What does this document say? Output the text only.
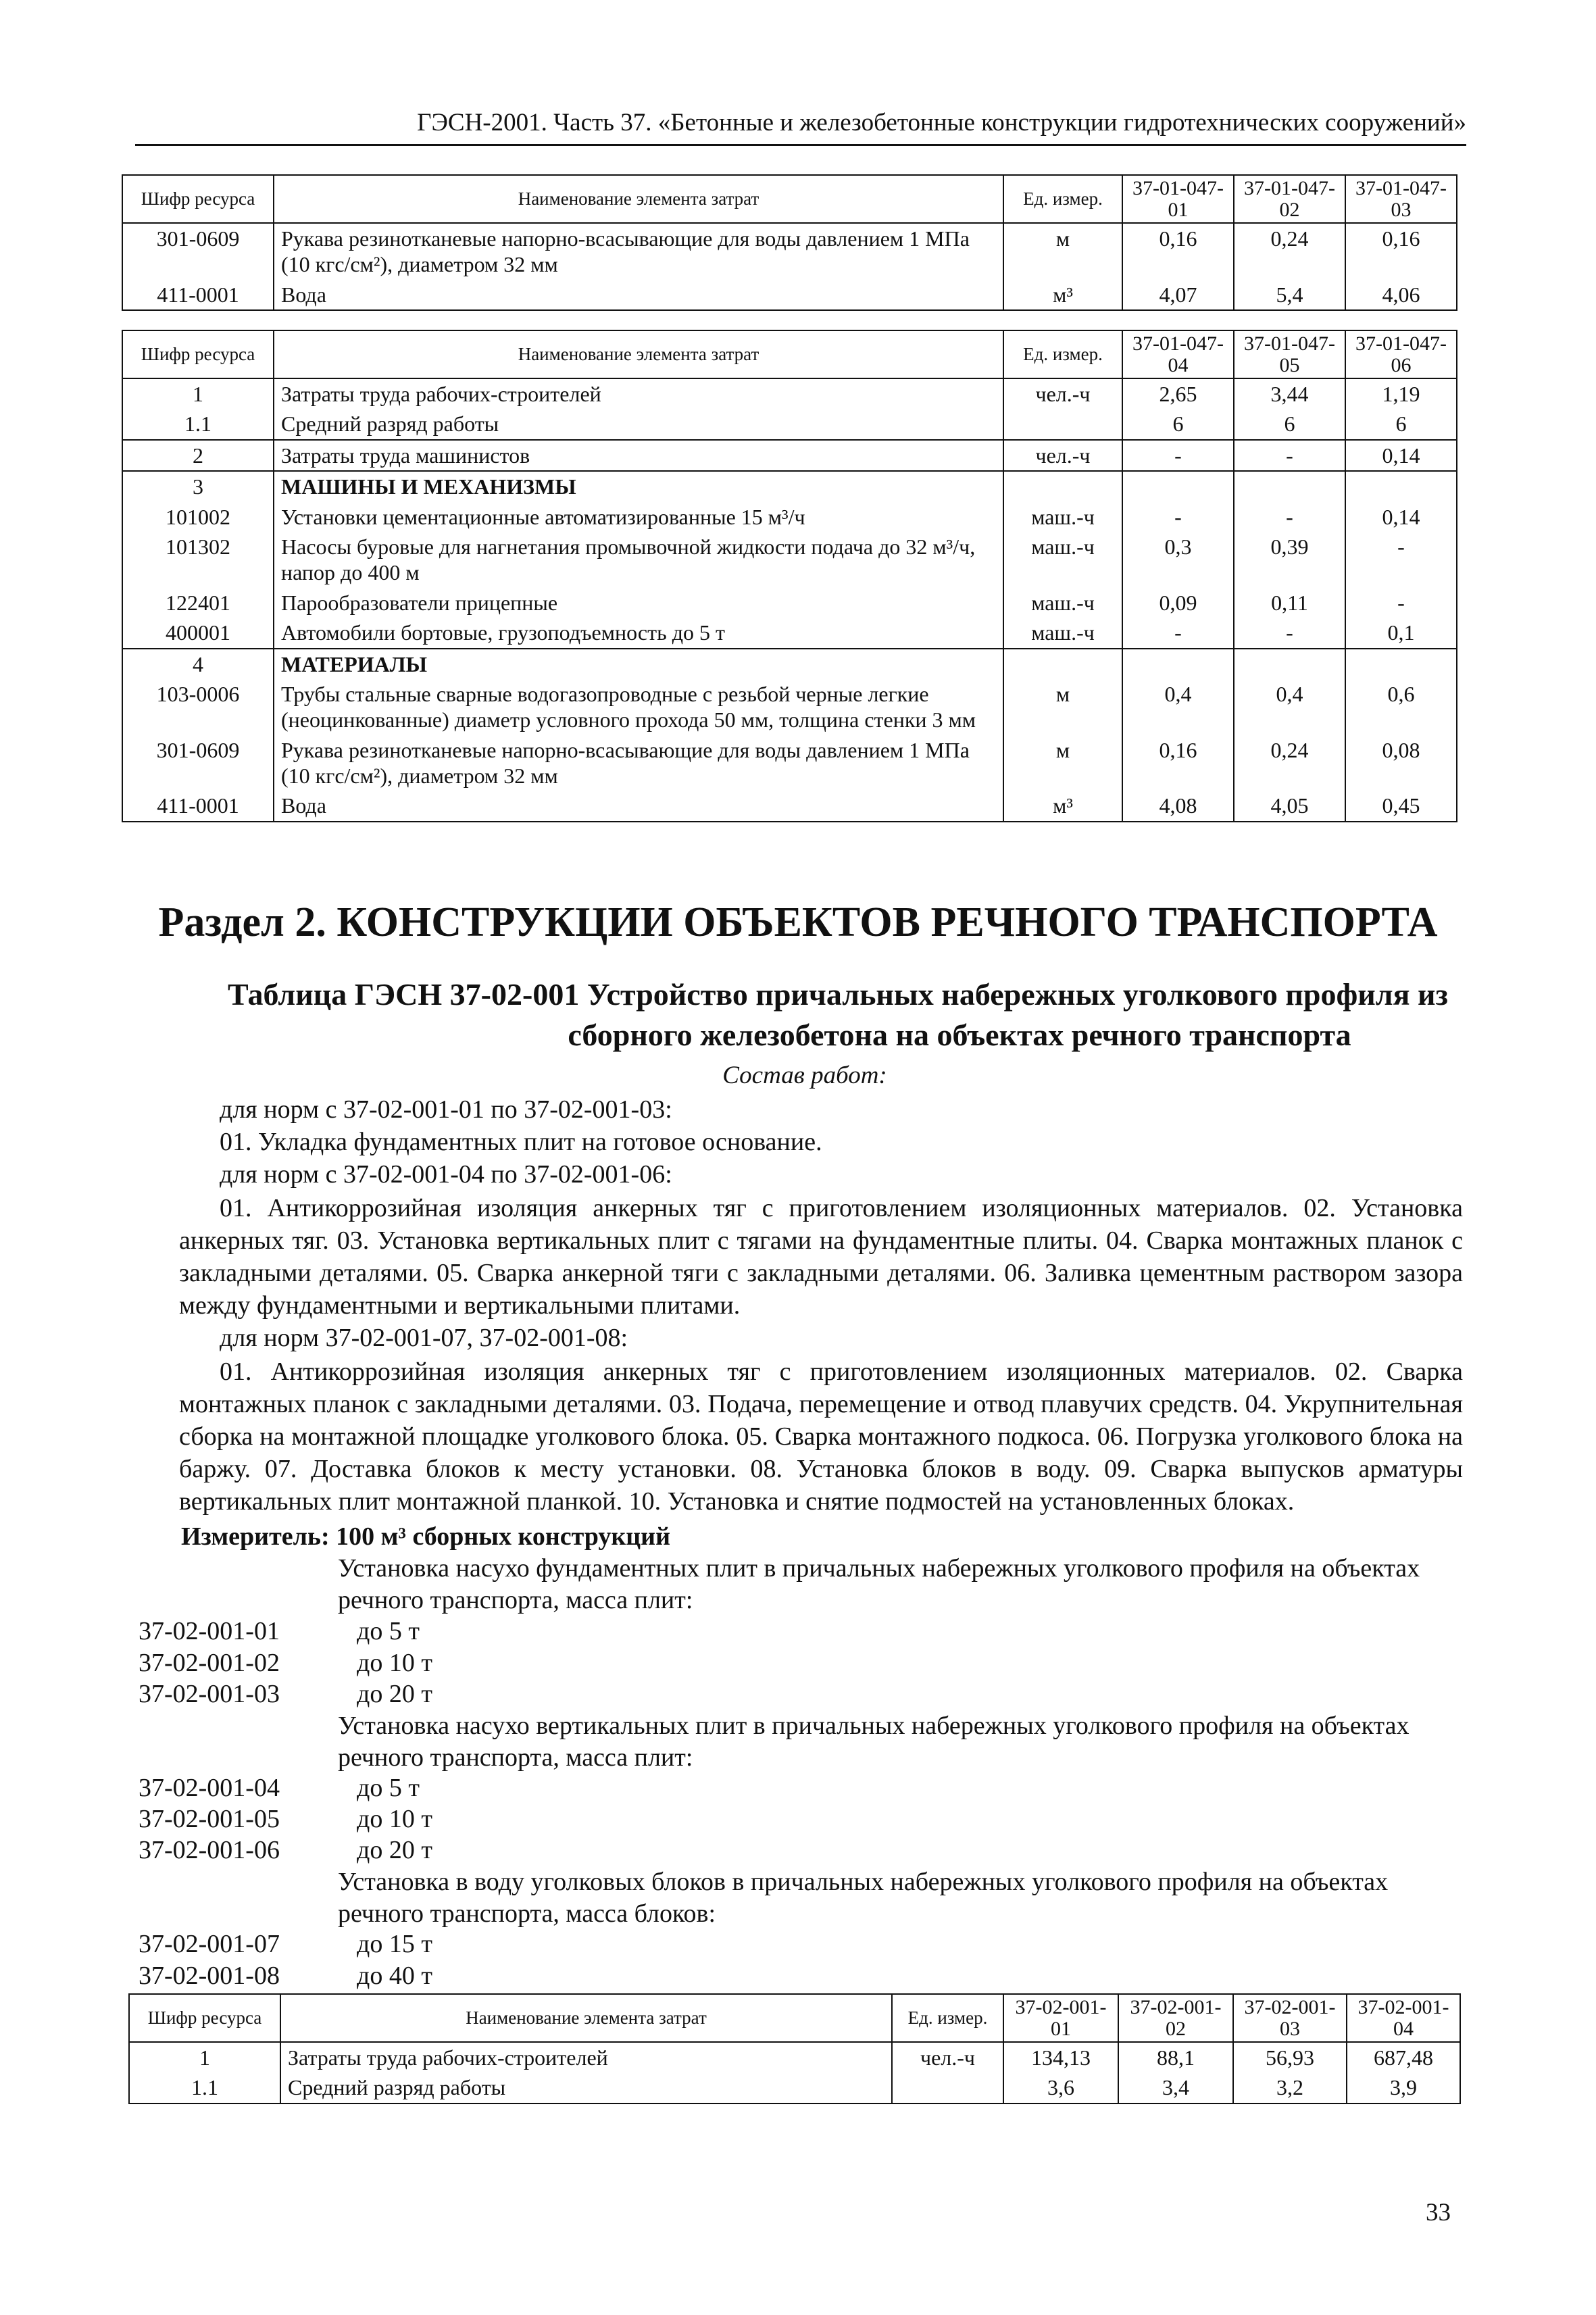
ГЭСН-2001. Часть 37. «Бетонные и железобетонные конструкции гидротехнических сооружений»
Шифр ресурса	Наименование элемента затрат	Ед. измер.	37-01-047-01	37-01-047-02	37-01-047-03
301-0609	Рукава резинотканевые напорно-всасывающие для воды давлением 1 МПа (10 кгс/см²), диаметром 32 мм	м	0,16	0,24	0,16
411-0001	Вода	м³	4,07	5,4	4,06
Шифр ресурса	Наименование элемента затрат	Ед. измер.	37-01-047-04	37-01-047-05	37-01-047-06
1	Затраты труда рабочих-строителей	чел.-ч	2,65	3,44	1,19
1.1	Средний разряд работы		6	6	6
2	Затраты труда машинистов	чел.-ч	-	-	0,14
3	МАШИНЫ И МЕХАНИЗМЫ				
101002	Установки цементационные автоматизированные 15 м³/ч	маш.-ч	-	-	0,14
101302	Насосы буровые для нагнетания промывочной жидкости подача до 32 м³/ч, напор до 400 м	маш.-ч	0,3	0,39	-
122401	Парообразователи прицепные	маш.-ч	0,09	0,11	-
400001	Автомобили бортовые, грузоподъемность до 5 т	маш.-ч	-	-	0,1
4	МАТЕРИАЛЫ				
103-0006	Трубы стальные сварные водогазопроводные с резьбой черные легкие (неоцинкованные) диаметр условного прохода 50 мм, толщина стенки 3 мм	м	0,4	0,4	0,6
301-0609	Рукава резинотканевые напорно-всасывающие для воды давлением 1 МПа (10 кгс/см²), диаметром 32 мм	м	0,16	0,24	0,08
411-0001	Вода	м³	4,08	4,05	0,45
Раздел 2. КОНСТРУКЦИИ ОБЪЕКТОВ РЕЧНОГО ТРАНСПОРТА
Таблица ГЭСН 37-02-001 Устройство причальных набережных уголкового профиля из
сборного железобетона на объектах речного транспорта
Состав работ:
для норм с 37-02-001-01 по 37-02-001-03:
01. Укладка фундаментных плит на готовое основание.
для норм с 37-02-001-04 по 37-02-001-06:
01. Антикоррозийная изоляция анкерных тяг с приготовлением изоляционных материалов. 02. Установка анкерных тяг. 03. Установка вертикальных плит с тягами на фундаментные плиты. 04. Сварка монтажных планок с закладными деталями. 05. Сварка анкерной тяги с закладными деталями. 06. Заливка цементным раствором зазора между фундаментными и вертикальными плитами.
для норм 37-02-001-07, 37-02-001-08:
01. Антикоррозийная изоляция анкерных тяг с приготовлением изоляционных материалов. 02. Сварка монтажных планок с закладными деталями. 03. Подача, перемещение и отвод плавучих средств. 04. Укрупнительная сборка на монтажной площадке уголкового блока. 05. Сварка монтажного подкоса. 06. Погрузка уголкового блока на баржу. 07. Доставка блоков к месту установки. 08. Установка блоков в воду. 09. Сварка выпусков арматуры вертикальных плит монтажной планкой. 10. Установка и снятие подмостей на установленных блоках.
Измеритель: 100 м³ сборных конструкций
Установка насухо фундаментных плит в причальных набережных уголкового профиля на объектах речного транспорта, масса плит:
37-02-001-01	до 5 т
37-02-001-02	до 10 т
37-02-001-03	до 20 т
Установка насухо вертикальных плит в причальных набережных уголкового профиля на объектах речного транспорта, масса плит:
37-02-001-04	до 5 т
37-02-001-05	до 10 т
37-02-001-06	до 20 т
Установка в воду уголковых блоков в причальных набережных уголкового профиля на объектах речного транспорта, масса блоков:
37-02-001-07	до 15 т
37-02-001-08	до 40 т
Шифр ресурса	Наименование элемента затрат	Ед. измер.	37-02-001-01	37-02-001-02	37-02-001-03	37-02-001-04
1	Затраты труда рабочих-строителей	чел.-ч	134,13	88,1	56,93	687,48
1.1	Средний разряд работы		3,6	3,4	3,2	3,9
33
